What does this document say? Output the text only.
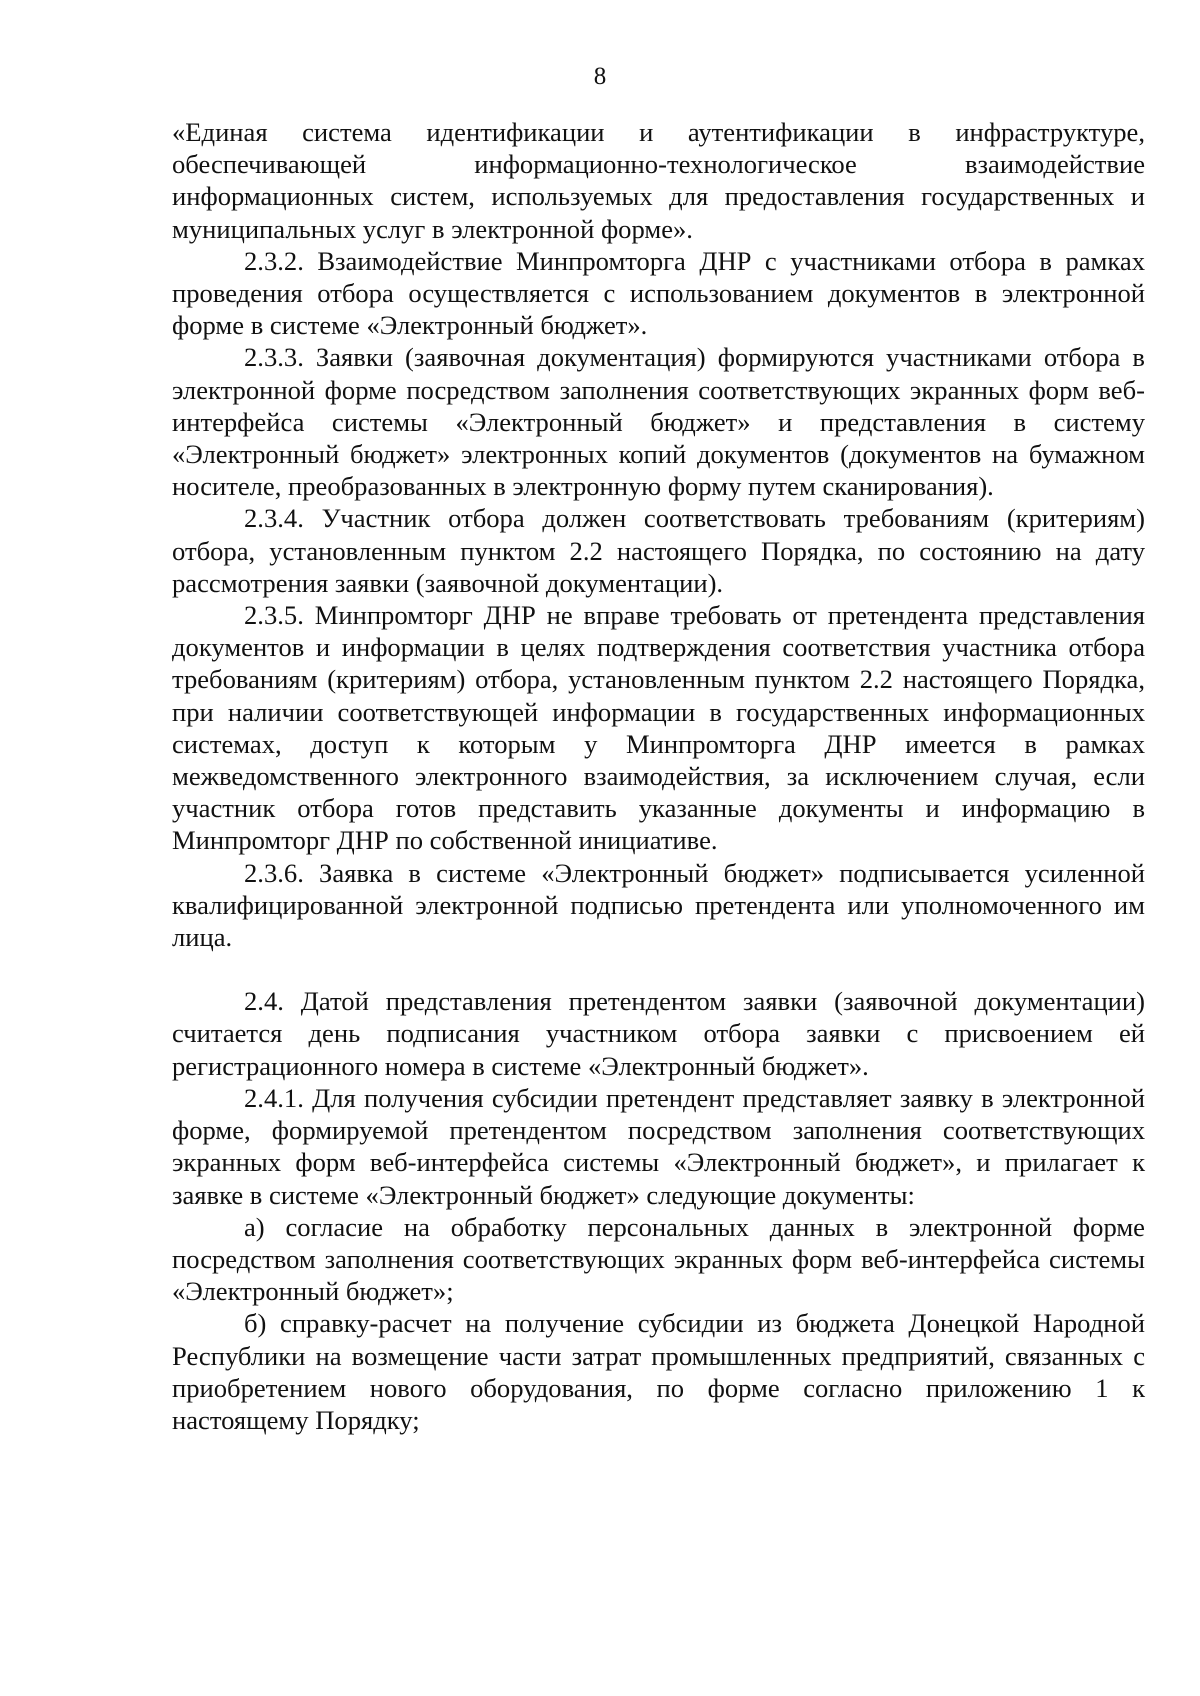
8

«Единая система идентификации и аутентификации в инфраструктуре, обеспечивающей информационно-технологическое взаимодействие информационных систем, используемых для предоставления государственных и муниципальных услуг в электронной форме».

2.3.2. Взаимодействие Минпромторга ДНР с участниками отбора в рамках проведения отбора осуществляется с использованием документов в электронной форме в системе «Электронный бюджет».

2.3.3. Заявки (заявочная документация) формируются участниками отбора в электронной форме посредством заполнения соответствующих экранных форм веб-интерфейса системы «Электронный бюджет» и представления в систему «Электронный бюджет» электронных копий документов (документов на бумажном носителе, преобразованных в электронную форму путем сканирования).

2.3.4. Участник отбора должен соответствовать требованиям (критериям) отбора, установленным пунктом 2.2 настоящего Порядка, по состоянию на дату рассмотрения заявки (заявочной документации).

2.3.5. Минпромторг ДНР не вправе требовать от претендента представления документов и информации в целях подтверждения соответствия участника отбора требованиям (критериям) отбора, установленным пунктом 2.2 настоящего Порядка, при наличии соответствующей информации в государственных информационных системах, доступ к которым у Минпромторга ДНР имеется в рамках межведомственного электронного взаимодействия, за исключением случая, если участник отбора готов представить указанные документы и информацию в Минпромторг ДНР по собственной инициативе.

2.3.6. Заявка в системе «Электронный бюджет» подписывается усиленной квалифицированной электронной подписью претендента или уполномоченного им лица.

2.4. Датой представления претендентом заявки (заявочной документации) считается день подписания участником отбора заявки с присвоением ей регистрационного номера в системе «Электронный бюджет».

2.4.1. Для получения субсидии претендент представляет заявку в электронной форме, формируемой претендентом посредством заполнения соответствующих экранных форм веб-интерфейса системы «Электронный бюджет», и прилагает к заявке в системе «Электронный бюджет» следующие документы:

а) согласие на обработку персональных данных в электронной форме посредством заполнения соответствующих экранных форм веб-интерфейса системы «Электронный бюджет»;

б) справку-расчет на получение субсидии из бюджета Донецкой Народной Республики на возмещение части затрат промышленных предприятий, связанных с приобретением нового оборудования, по форме согласно приложению 1 к настоящему Порядку;
